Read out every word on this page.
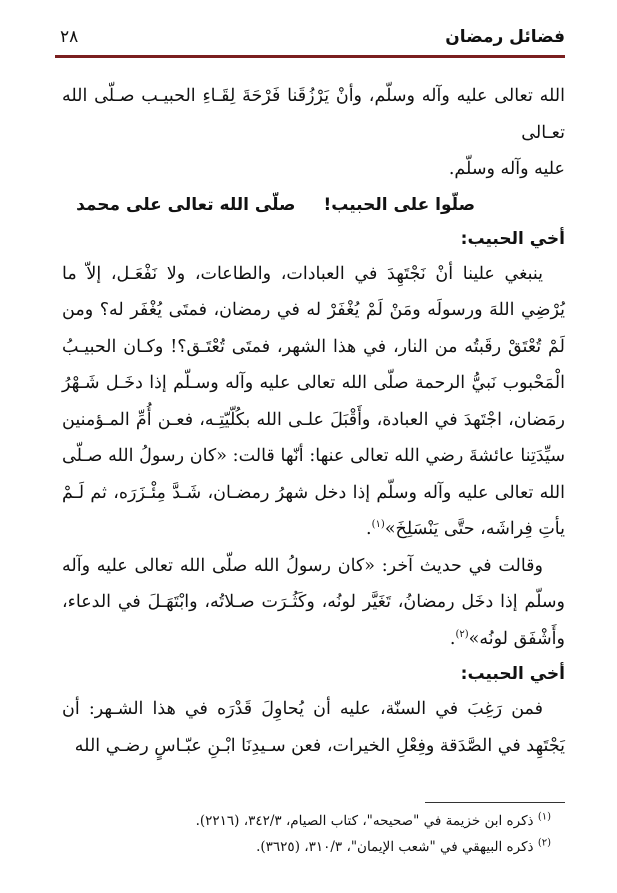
فضائل رمضان
٢٨

الله تعالى عليه وآله وسلّم، وأنْ يَرْزُقَنا فَرْحَةَ لِقَـاءِ الحبيـب صـلّى الله تعـالى

عليه وآله وسلّم.

صلّوا على الحبيب!صلّى الله تعالى على محمد

أخي الحبيب:

ينبغي علينا أنْ نَجْتَهِدَ في العبادات، والطاعات، ولا نَفْعَـل، إلاّ ما يُرْضِي اللهَ ورسولَه ومَنْ لَمْ يُغْفَرْ له في رمضان، فمتَى يُغْفَر له؟ ومن لَمْ تُعْتَقْ رقَبتُه من النار، في هذا الشهر، فمتَى تُعْتَـق؟! وكـان الحبيـبُ الْمَحْبوب نَبيُّ الرحمة صلّى الله تعالى عليه وآله وسـلّم إذا دخَـل شَـهْرُ رمَضان، اجْتَهدَ في العبادة، وأَقْبَلَ علـى الله بكُلّيّتِـه، فعـن أُمِّ المـؤمنين سيِّدَتِنا عائشةَ رضي الله تعالى عنها: أنّها قالت: «كان رسولُ الله صـلّى الله تعالى عليه وآله وسلّم إذا دخل شهرُ رمضـان، شَـدَّ مِئْـزَرَه، ثم لَـمْ يأتِ فِراشَه، حتَّى يَنْسَلِخَ»$^{(١)}$.

وقالت في حديث آخر: «كان رسولُ الله صلّى الله تعالى عليه وآله وسلّم إذا دخَل رمضانُ، تَغَيَّر لونُه، وكَثُـرَت صـلاتُه، وابْتَهَـلَ في الدعاء، وأَشْفَق لونُه»$^{(٢)}$.

أخي الحبيب:

فمن رَغِبَ في السنّة، عليه أن يُحاوِلَ قَدْرَه في هذا الشـهر: أن يَجْتَهِد في الصَّدَقة وفِعْلِ الخيرات، فعن سـيدِنَا ابْـنِ عبّـاسٍ رضـي الله

$^{(١)}$ ذكره ابن خزيمة في "صحيحه"، كتاب الصيام، ٣٤٢/٣، (٢٢١٦).

$^{(٢)}$ ذكره البيهقي في "شعب الإيمان"، ٣١٠/٣، (٣٦٢٥).
